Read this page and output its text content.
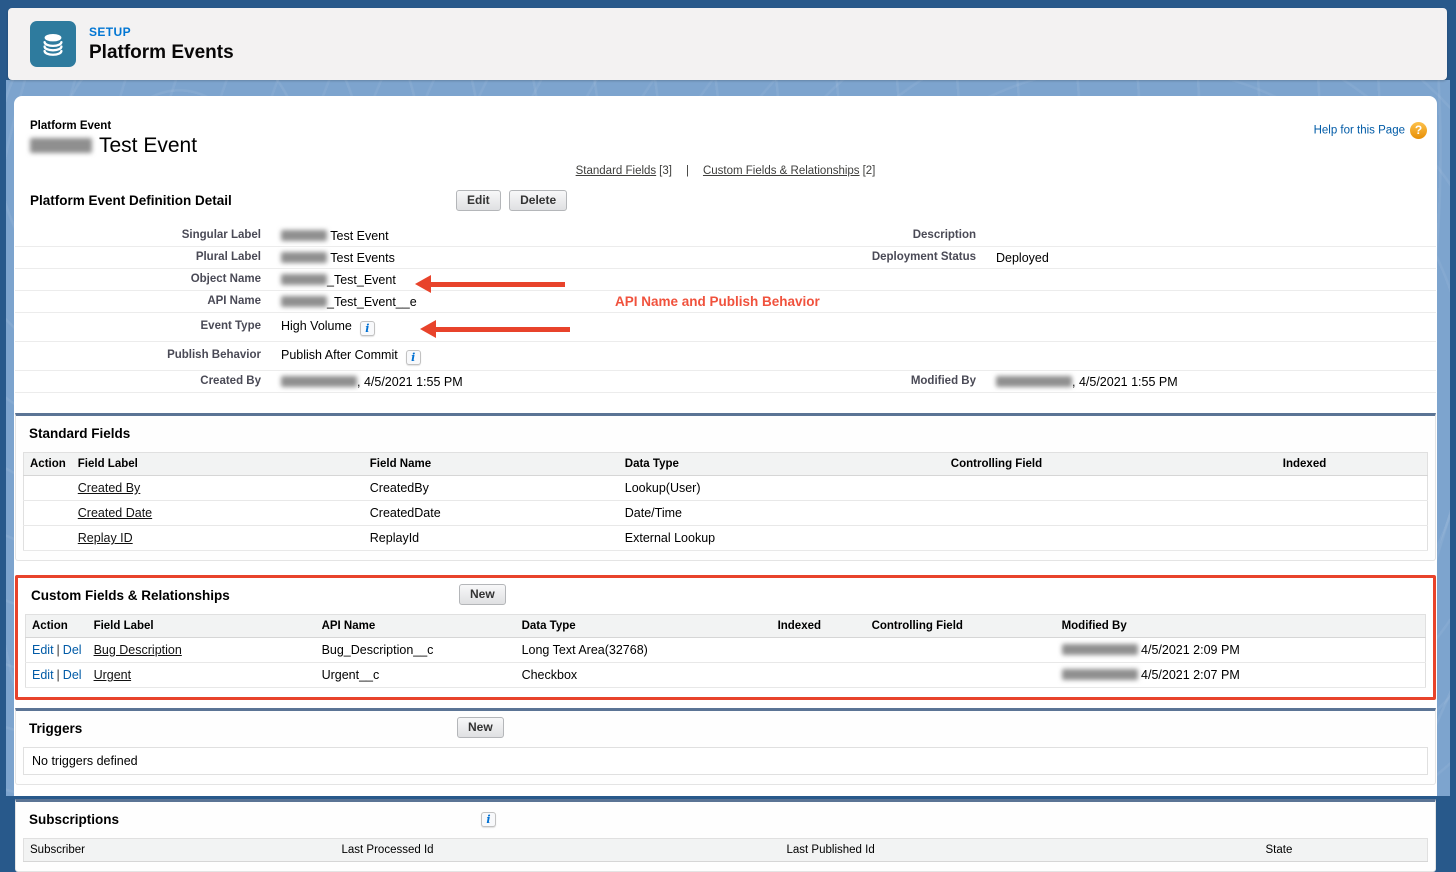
SETUP
Platform Events
Help for this Page ?
Platform Event
Test Event
Standard Fields [3] | Custom Fields & Relationships [2]
Platform Event Definition Detail	Edit	Delete
Singular Label	Test Event	Description
Plural Label	Test Events	Deployment Status	Deployed
Object Name	_Test_Event
API Name	_Test_Event__e
Event Type	High Volume i
Publish Behavior	Publish After Commit i
Created By	, 4/5/2021 1:55 PM	Modified By	, 4/5/2021 1:55 PM
Standard Fields
Action	Field Label	Field Name	Data Type	Controlling Field	Indexed
	Created By	CreatedBy	Lookup(User)		
	Created Date	CreatedDate	Date/Time		
	Replay ID	ReplayId	External Lookup		
Custom Fields & Relationships	New
Action	Field Label	API Name	Data Type	Indexed	Controlling Field	Modified By
Edit | Del	Bug Description	Bug_Description__c	Long Text Area(32768)			4/5/2021 2:09 PM
Edit | Del	Urgent	Urgent__c	Checkbox			4/5/2021 2:07 PM
Triggers	New
No triggers defined
Subscriptions	i
Subscriber	Last Processed Id	Last Published Id	State
API Name and Publish Behavior
